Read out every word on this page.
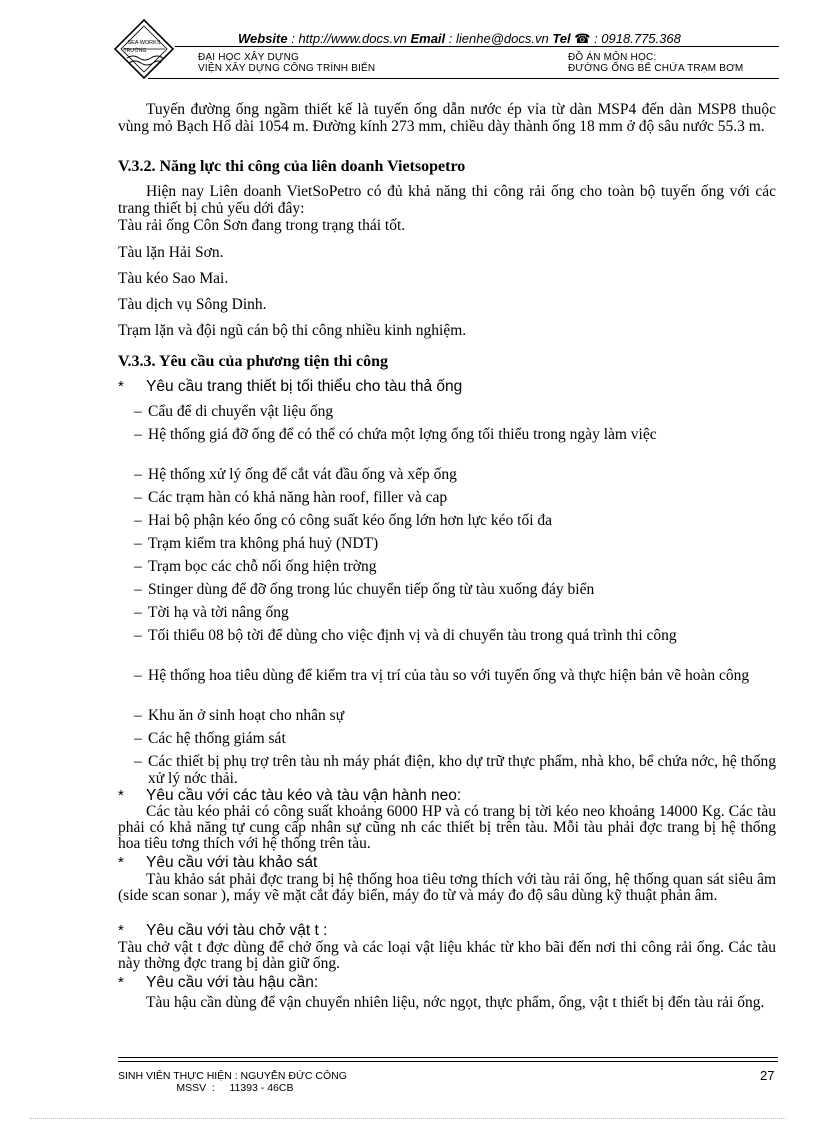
SEA WORKS
TRƯỜNG
Website : http://www.docs.vn Email : lienhe@docs.vn Tel ☎ : 0918.775.368
ĐẠI HỌC XÂY DỰNG
VIỆN XÂY DỰNG CÔNG TRÌNH BIỂN
ĐỒ ÁN MÔN HỌC:
ĐƯỜNG ỐNG BỂ CHỨA TRẠM BƠM
Tuyến đường ống ngầm thiết kế là tuyến ống dẫn nước ép vỉa từ dàn MSP4 đến dàn MSP8 thuộc vùng mỏ Bạch Hổ dài 1054 m. Đường kính 273 mm, chiều dày thành ống 18 mm ở độ sâu nước 55.3 m.
V.3.2. Năng lực thi công của liên doanh Vietsopetro
Hiện nay Liên doanh VietSoPetro có đủ khả năng thi công rải ống cho toàn bộ tuyến ống với các trang thiết bị chủ yếu dới đây:
Tàu rải ống Côn Sơn đang trong trạng thái tốt.
Tàu lặn Hải Sơn.
Tàu kéo Sao Mai.
Tàu dịch vụ Sông Dinh.
Trạm lặn và đội ngũ cán bộ thi công nhiều kinh nghiệm.
V.3.3. Yêu cầu của phương tiện thi công
* Yêu cầu trang thiết bị tối thiểu cho tàu thả ống
– Cẩu để di chuyển vật liệu ống
– Hệ thống giá đỡ ống để có thể có chứa một lợng ống tối thiểu trong ngày làm việc
– Hệ thống xử lý ống để cắt vát đầu ống và xếp ống
– Các trạm hàn có khả năng hàn roof, filler và cap
– Hai bộ phận kéo ống có công suất kéo ống lớn hơn lực kéo tối đa
– Trạm kiểm tra không phá huỷ (NDT)
– Trạm bọc các chỗ nối ống hiện trờng
– Stinger dùng để đỡ ống trong lúc chuyển tiếp ống từ tàu xuống đáy biển
– Tời hạ và tời nâng ống
– Tối thiểu 08 bộ tời để dùng cho việc định vị và di chuyển tàu trong quá trình thi công
– Hệ thống hoa tiêu dùng để kiểm tra vị trí của tàu so với tuyến ống và thực hiện bản vẽ hoàn công
– Khu ăn ở sinh hoạt cho nhân sự
– Các hệ thống giám sát
– Các thiết bị phụ trợ trên tàu nh máy phát điện, kho dự trữ thực phẩm, nhà kho, bể chứa nớc, hệ thống xử lý nớc thải.
* Yêu cầu với các tàu kéo và tàu vận hành neo:
Các tàu kéo phải có công suất khoảng 6000 HP và có trang bị tời kéo neo khoảng 14000 Kg. Các tàu phải có khả năng tự cung cấp nhân sự cũng nh các thiết bị trên tàu. Mỗi tàu phải đợc trang bị hệ thống hoa tiêu tơng thích với hệ thống trên tàu.
* Yêu cầu với tàu khảo sát
Tàu khảo sát phải đợc trang bị hệ thống hoa tiêu tơng thích với tàu rải ống, hệ thống quan sát siêu âm (side scan sonar ), máy vẽ mặt cắt đáy biển, máy đo từ và máy đo độ sâu dùng kỹ thuật phản âm.
* Yêu cầu với tàu chở vật t :
Tàu chở vật t đợc dùng để chở ống và các loại vật liệu khác từ kho bãi đến nơi thi công rải ống. Các tàu này thờng đợc trang bị dàn giữ ống.
* Yêu cầu với tàu hậu cần:
Tàu hậu cần dùng để vận chuyển nhiên liệu, nớc ngọt, thực phẩm, ống, vật t thiết bị đến tàu rải ống.
SINH VIÊN THỰC HIỆN : NGUYỄN ĐỨC CÔNG
MSSV  :     11393 - 46CB
27
